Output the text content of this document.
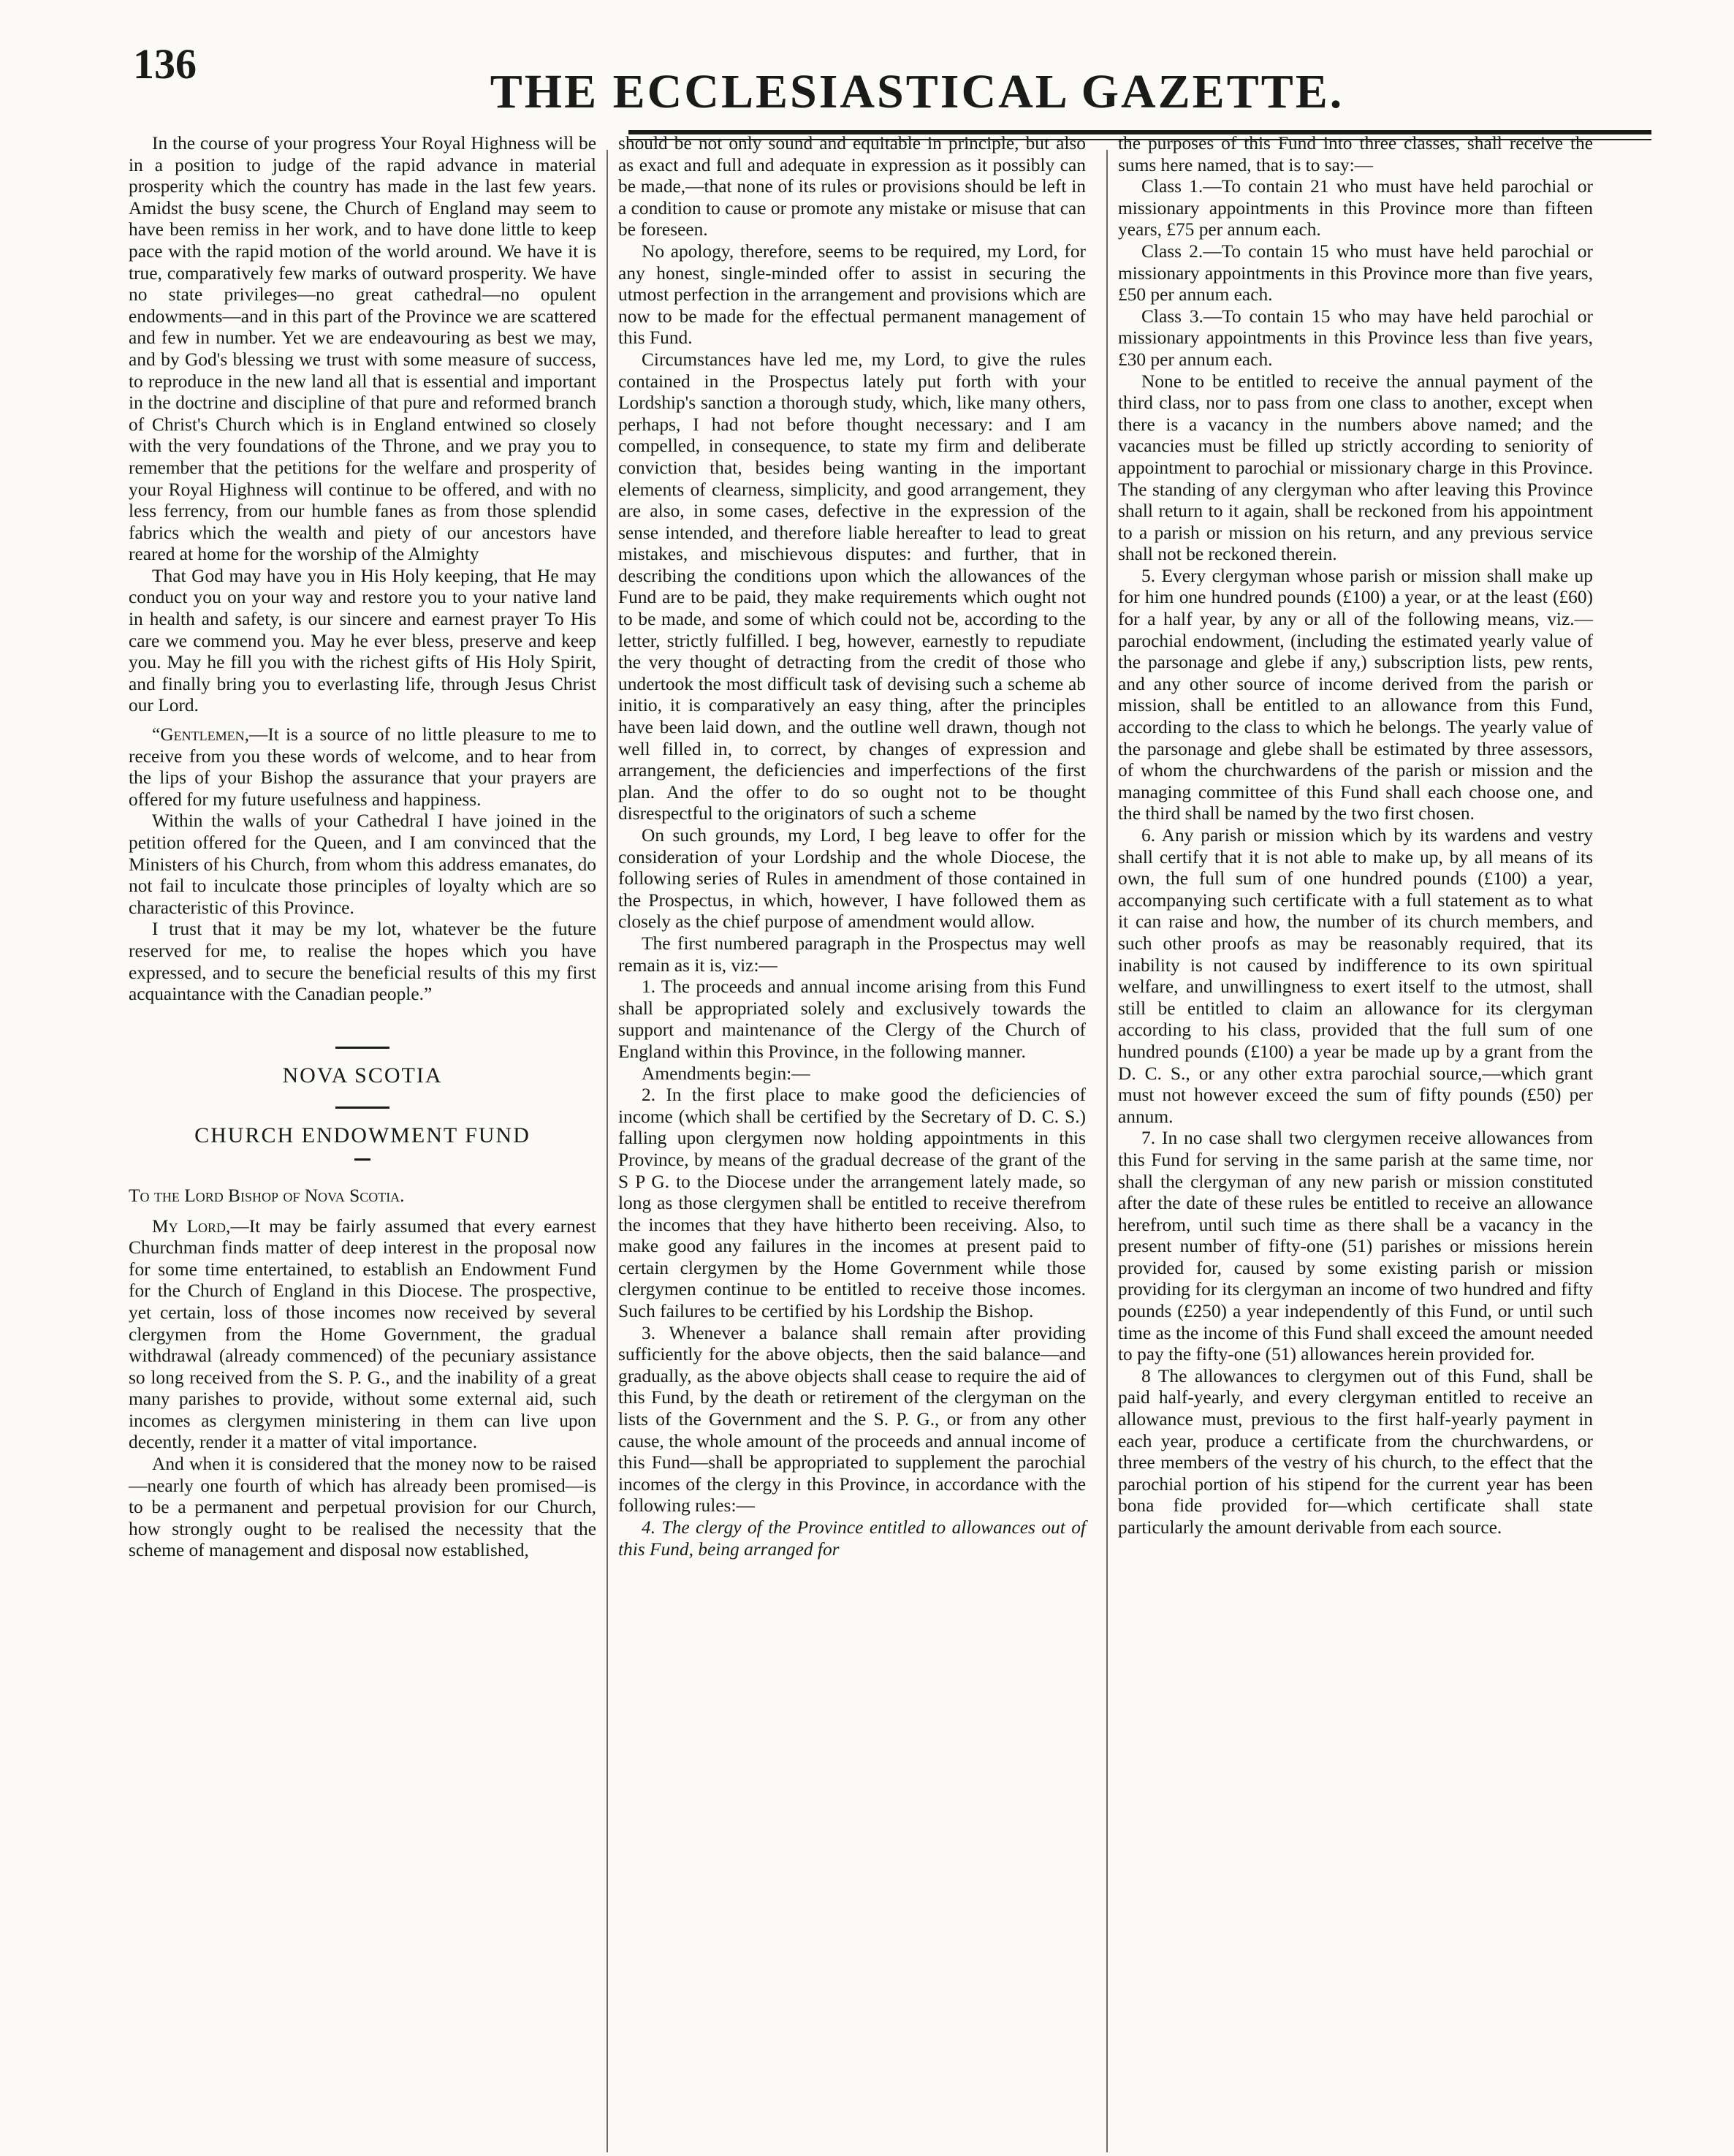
136
THE ECCLESIASTICAL GAZETTE.

In the course of your progress Your Royal Highness will be in a position to judge of the rapid advance in material prosperity which the country has made in the last few years. Amidst the busy scene, the Church of England may seem to have been remiss in her work, and to have done little to keep pace with the rapid motion of the world around. We have it is true, comparatively few marks of outward prosperity. We have no state privileges—no great cathedral—no opulent endowments—and in this part of the Province we are scattered and few in number. Yet we are endeavouring as best we may, and by God's blessing we trust with some measure of success, to reproduce in the new land all that is essential and important in the doctrine and discipline of that pure and reformed branch of Christ's Church which is in England entwined so closely with the very foundations of the Throne, and we pray you to remember that the petitions for the welfare and prosperity of your Royal Highness will continue to be offered, and with no less ferrency, from our humble fanes as from those splendid fabrics which the wealth and piety of our ancestors have reared at home for the worship of the Almighty

That God may have you in His Holy keeping, that He may conduct you on your way and restore you to your native land in health and safety, is our sincere and earnest prayer To His care we commend you. May he ever bless, preserve and keep you. May he fill you with the richest gifts of His Holy Spirit, and finally bring you to everlasting life, through Jesus Christ our Lord.

“Gentlemen,—It is a source of no little pleasure to me to receive from you these words of welcome, and to hear from the lips of your Bishop the assurance that your prayers are offered for my future usefulness and happiness.

Within the walls of your Cathedral I have joined in the petition offered for the Queen, and I am convinced that the Ministers of his Church, from whom this address emanates, do not fail to inculcate those principles of loyalty which are so characteristic of this Province.

I trust that it may be my lot, whatever be the future reserved for me, to realise the hopes which you have expressed, and to secure the beneficial results of this my first acquaintance with the Canadian people.”

NOVA SCOTIA

CHURCH ENDOWMENT FUND

To the Lord Bishop of Nova Scotia.

My Lord,—It may be fairly assumed that every earnest Churchman finds matter of deep interest in the proposal now for some time entertained, to establish an Endowment Fund for the Church of England in this Diocese. The prospective, yet certain, loss of those incomes now received by several clergymen from the Home Government, the gradual withdrawal (already commenced) of the pecuniary assistance so long received from the S. P. G., and the inability of a great many parishes to provide, without some external aid, such incomes as clergymen ministering in them can live upon decently, render it a matter of vital importance.

And when it is considered that the money now to be raised—nearly one fourth of which has already been promised—is to be a permanent and perpetual provision for our Church, how strongly ought to be realised the necessity that the scheme of management and disposal now established,

should be not only sound and equitable in principle, but also as exact and full and adequate in expression as it possibly can be made,—that none of its rules or provisions should be left in a condition to cause or promote any mistake or misuse that can be foreseen.

No apology, therefore, seems to be required, my Lord, for any honest, single-minded offer to assist in securing the utmost perfection in the arrangement and provisions which are now to be made for the effectual permanent management of this Fund.

Circumstances have led me, my Lord, to give the rules contained in the Prospectus lately put forth with your Lordship's sanction a thorough study, which, like many others, perhaps, I had not before thought necessary: and I am compelled, in consequence, to state my firm and deliberate conviction that, besides being wanting in the important elements of clearness, simplicity, and good arrangement, they are also, in some cases, defective in the expression of the sense intended, and therefore liable hereafter to lead to great mistakes, and mischievous disputes: and further, that in describing the conditions upon which the allowances of the Fund are to be paid, they make requirements which ought not to be made, and some of which could not be, according to the letter, strictly fulfilled. I beg, however, earnestly to repudiate the very thought of detracting from the credit of those who undertook the most difficult task of devising such a scheme ab initio, it is comparatively an easy thing, after the principles have been laid down, and the outline well drawn, though not well filled in, to correct, by changes of expression and arrangement, the deficiencies and imperfections of the first plan. And the offer to do so ought not to be thought disrespectful to the originators of such a scheme

On such grounds, my Lord, I beg leave to offer for the consideration of your Lordship and the whole Diocese, the following series of Rules in amendment of those contained in the Prospectus, in which, however, I have followed them as closely as the chief purpose of amendment would allow.

The first numbered paragraph in the Prospectus may well remain as it is, viz:—

1. The proceeds and annual income arising from this Fund shall be appropriated solely and exclusively towards the support and maintenance of the Clergy of the Church of England within this Province, in the following manner.

Amendments begin:—

2. In the first place to make good the deficiencies of income (which shall be certified by the Secretary of D. C. S.) falling upon clergymen now holding appointments in this Province, by means of the gradual decrease of the grant of the S P G. to the Diocese under the arrangement lately made, so long as those clergymen shall be entitled to receive therefrom the incomes that they have hitherto been receiving. Also, to make good any failures in the incomes at present paid to certain clergymen by the Home Government while those clergymen continue to be entitled to receive those incomes. Such failures to be certified by his Lordship the Bishop.

3. Whenever a balance shall remain after providing sufficiently for the above objects, then the said balance—and gradually, as the above objects shall cease to require the aid of this Fund, by the death or retirement of the clergyman on the lists of the Government and the S. P. G., or from any other cause, the whole amount of the proceeds and annual income of this Fund—shall be appropriated to supplement the parochial incomes of the clergy in this Province, in accordance with the following rules:—

4. The clergy of the Province entitled to allowances out of this Fund, being arranged for

the purposes of this Fund into three classes, shall receive the sums here named, that is to say:—

Class 1.—To contain 21 who must have held parochial or missionary appointments in this Province more than fifteen years, £75 per annum each.

Class 2.—To contain 15 who must have held parochial or missionary appointments in this Province more than five years, £50 per annum each.

Class 3.—To contain 15 who may have held parochial or missionary appointments in this Province less than five years, £30 per annum each.

None to be entitled to receive the annual payment of the third class, nor to pass from one class to another, except when there is a vacancy in the numbers above named; and the vacancies must be filled up strictly according to seniority of appointment to parochial or missionary charge in this Province. The standing of any clergyman who after leaving this Province shall return to it again, shall be reckoned from his appointment to a parish or mission on his return, and any previous service shall not be reckoned therein.

5. Every clergyman whose parish or mission shall make up for him one hundred pounds (£100) a year, or at the least (£60) for a half year, by any or all of the following means, viz.—parochial endowment, (including the estimated yearly value of the parsonage and glebe if any,) subscription lists, pew rents, and any other source of income derived from the parish or mission, shall be entitled to an allowance from this Fund, according to the class to which he belongs. The yearly value of the parsonage and glebe shall be estimated by three assessors, of whom the churchwardens of the parish or mission and the managing committee of this Fund shall each choose one, and the third shall be named by the two first chosen.

6. Any parish or mission which by its wardens and vestry shall certify that it is not able to make up, by all means of its own, the full sum of one hundred pounds (£100) a year, accompanying such certificate with a full statement as to what it can raise and how, the number of its church members, and such other proofs as may be reasonably required, that its inability is not caused by indifference to its own spiritual welfare, and unwillingness to exert itself to the utmost, shall still be entitled to claim an allowance for its clergyman according to his class, provided that the full sum of one hundred pounds (£100) a year be made up by a grant from the D. C. S., or any other extra parochial source,—which grant must not however exceed the sum of fifty pounds (£50) per annum.

7. In no case shall two clergymen receive allowances from this Fund for serving in the same parish at the same time, nor shall the clergyman of any new parish or mission constituted after the date of these rules be entitled to receive an allowance herefrom, until such time as there shall be a vacancy in the present number of fifty-one (51) parishes or missions herein provided for, caused by some existing parish or mission providing for its clergyman an income of two hundred and fifty pounds (£250) a year independently of this Fund, or until such time as the income of this Fund shall exceed the amount needed to pay the fifty-one (51) allowances herein provided for.

8 The allowances to clergymen out of this Fund, shall be paid half-yearly, and every clergyman entitled to receive an allowance must, previous to the first half-yearly payment in each year, produce a certificate from the churchwardens, or three members of the vestry of his church, to the effect that the parochial portion of his stipend for the current year has been bona fide provided for—which certificate shall state particularly the amount derivable from each source.
